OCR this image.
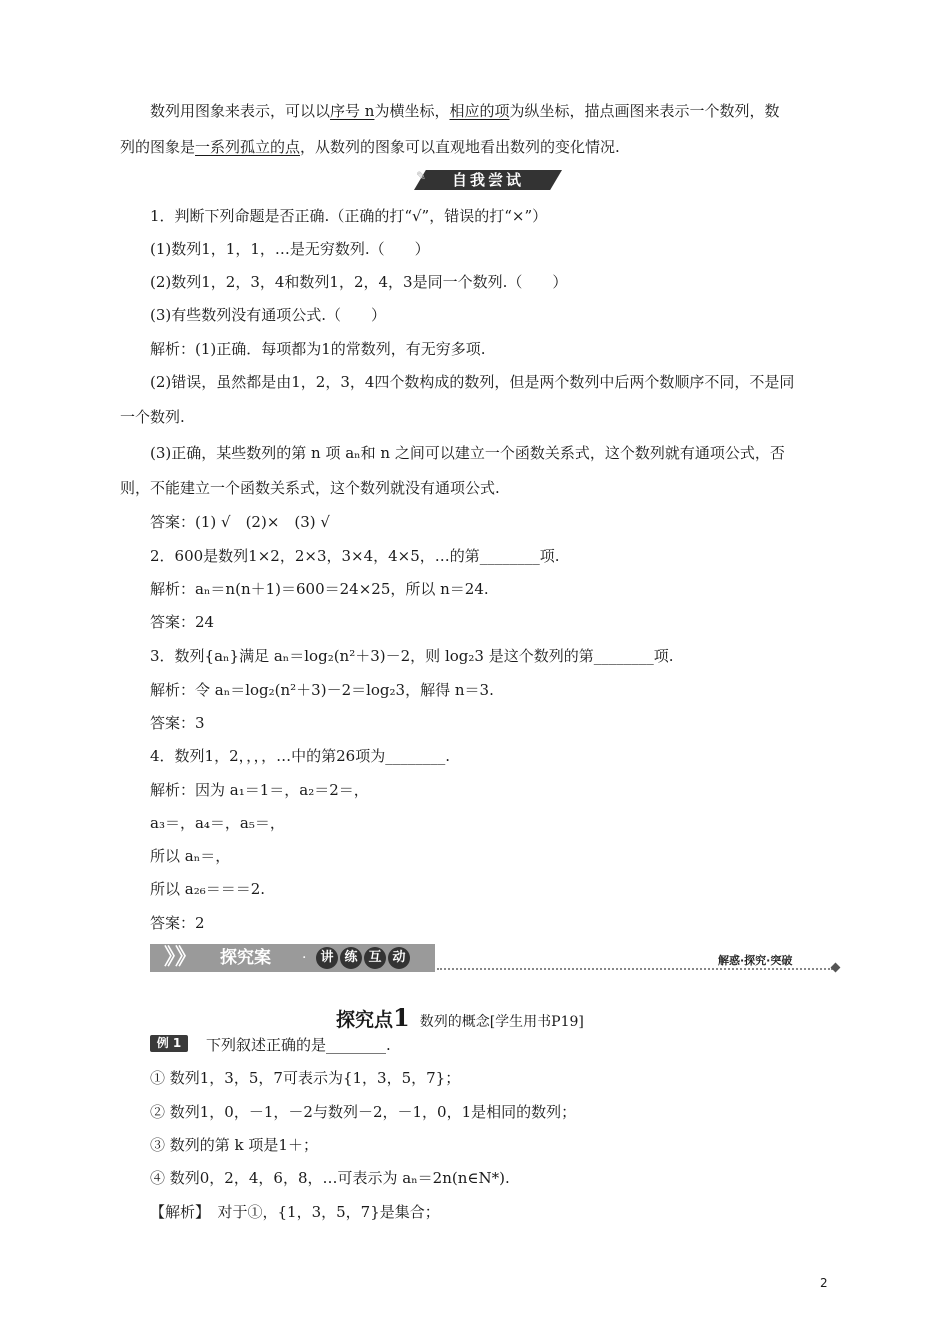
数列用图象来表示，可以以序号 n为横坐标，相应的项为纵坐标，描点画图来表示一个数列，数
列的图象是一系列孤立的点，从数列的图象可以直观地看出数列的变化情况.
✎	自我尝试
1．判断下列命题是否正确.（正确的打“√”，错误的打“×”）
(1)数列1，1，1，…是无穷数列.（　　）
(2)数列1，2，3，4和数列1，2，4，3是同一个数列.（　　）
(3)有些数列没有通项公式.（　　）
解析：(1)正确．每项都为1的常数列，有无穷多项.
(2)错误，虽然都是由1，2，3，4四个数构成的数列，但是两个数列中后两个数顺序不同，不是同
一个数列.
(3)正确，某些数列的第 n 项 aₙ和 n 之间可以建立一个函数关系式，这个数列就有通项公式，否
则，不能建立一个函数关系式，这个数列就没有通项公式.
答案：(1) √　(2)×　(3) √
2．600是数列1×2，2×3，3×4，4×5，…的第________项.
解析：aₙ＝n(n＋1)＝600＝24×25，所以 n＝24.
答案：24
3．数列{aₙ}满足 aₙ＝log₂(n²＋3)－2，则 log₂3 是这个数列的第________项.
解析：令 aₙ＝log₂(n²＋3)－2＝log₂3，解得 n＝3.
答案：3
4．数列1，2，，，，…中的第26项为________.
解析：因为 a₁＝1＝，a₂＝2＝，
a₃＝，a₄＝，a₅＝，
所以 aₙ＝，
所以 a₂₆＝＝＝2.
答案：2
》》 探究案 ·	讲 练 互 动	解惑·探究·突破
探究点1 数列的概念[学生用书P19]
例 1	下列叙述正确的是________.
① 数列1，3，5，7可表示为{1，3，5，7}；
② 数列1，0，－1，－2与数列－2，－1，0，1是相同的数列；
③ 数列的第 k 项是1＋；
④ 数列0，2，4，6，8，…可表示为 aₙ＝2n(n∈N*).
【解析】　对于①，{1，3，5，7}是集合；
2
